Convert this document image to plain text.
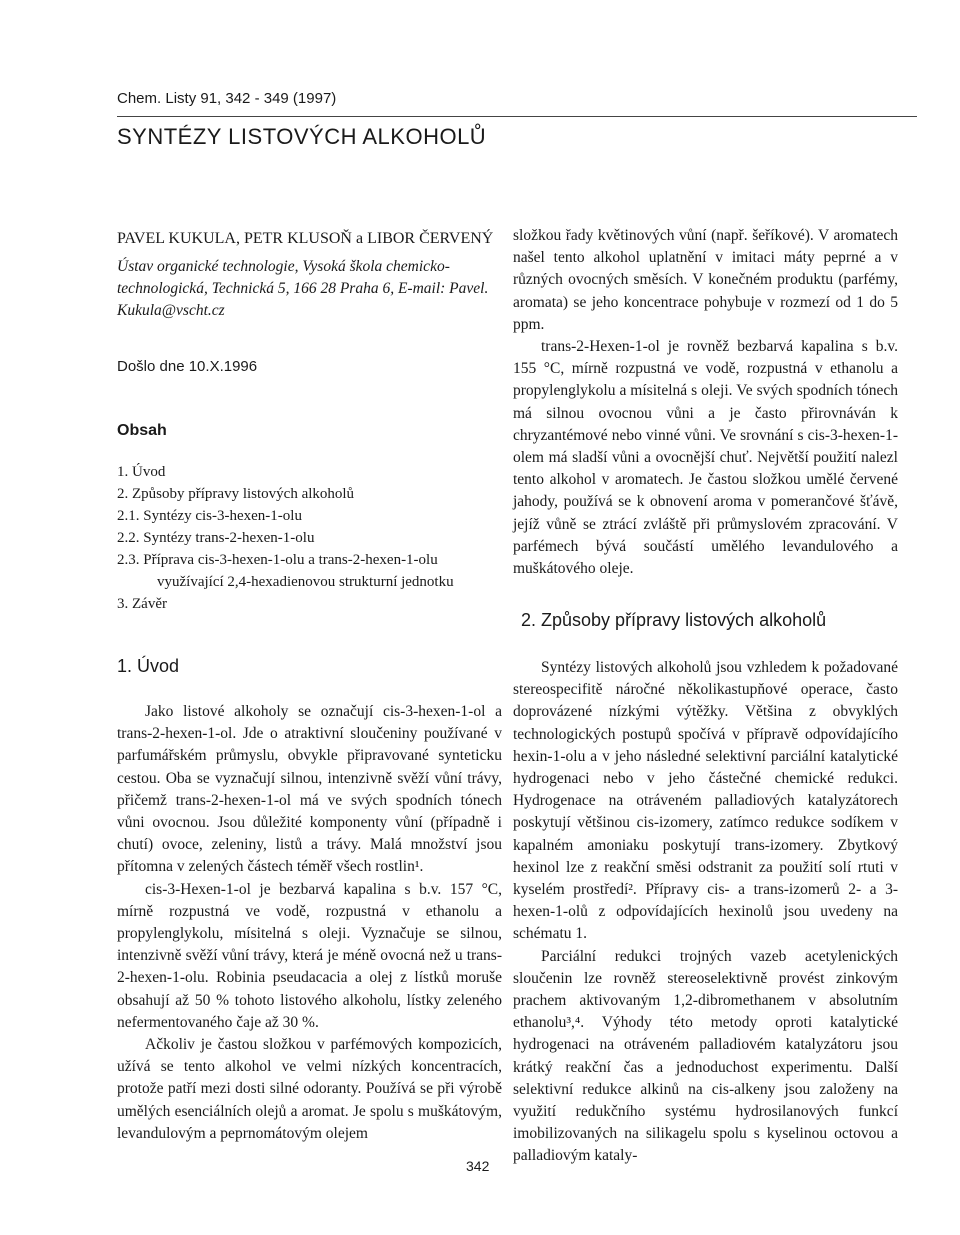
Chem. Listy 91, 342 - 349 (1997)
SYNTÉZY LISTOVÝCH ALKOHOLŮ
PAVEL KUKULA, PETR KLUSOŇ a LIBOR ČERVENÝ
Ústav organické technologie, Vysoká škola chemicko-technologická, Technická 5, 166 28 Praha 6, E-mail: Pavel. Kukula@vscht.cz
Došlo dne 10.X.1996
Obsah
1. Úvod
2. Způsoby přípravy listových alkoholů
2.1. Syntézy cis-3-hexen-1-olu
2.2. Syntézy trans-2-hexen-1-olu
2.3. Příprava cis-3-hexen-1-olu a trans-2-hexen-1-olu
využívající 2,4-hexadienovou strukturní jednotku
3. Závěr
1. Úvod

Jako listové alkoholy se označují cis-3-hexen-1-ol a trans-2-hexen-1-ol. Jde o atraktivní sloučeniny používané v parfumářském průmyslu, obvykle připravované synteticku cestou. Oba se vyznačují silnou, intenzivně svěží vůní trávy, přičemž trans-2-hexen-1-ol má ve svých spodních tónech vůni ovocnou. Jsou důležité komponenty vůní (případně i chutí) ovoce, zeleniny, listů a trávy. Malá množství jsou přítomna v zelených částech téměř všech rostlin¹.

cis-3-Hexen-1-ol je bezbarvá kapalina s b.v. 157 °C, mírně rozpustná ve vodě, rozpustná v ethanolu a propylenglykolu, mísitelná s oleji. Vyznačuje se silnou, intenzivně svěží vůní trávy, která je méně ovocná než u trans-2-hexen-1-olu. Robinia pseudacacia a olej z lístků moruše obsahují až 50 % tohoto listového alkoholu, lístky zeleného nefermentovaného čaje až 30 %.

Ačkoliv je častou složkou v parfémových kompozicích, užívá se tento alkohol ve velmi nízkých koncentracích, protože patří mezi dosti silné odoranty. Používá se při výrobě umělých esenciálních olejů a aromat. Je spolu s muškátovým, levandulovým a peprnomátovým olejem

složkou řady květinových vůní (např. šeříkové). V aromatech našel tento alkohol uplatnění v imitaci máty peprné a v různých ovocných směsích. V konečném produktu (parfémy, aromata) se jeho koncentrace pohybuje v rozmezí od 1 do 5 ppm.

trans-2-Hexen-1-ol je rovněž bezbarvá kapalina s b.v. 155 °C, mírně rozpustná ve vodě, rozpustná v ethanolu a propylenglykolu a mísitelná s oleji. Ve svých spodních tónech má silnou ovocnou vůni a je často přirovnáván k chryzantémové nebo vinné vůni. Ve srovnání s cis-3-hexen-1-olem má sladší vůni a ovocnější chuť. Největší použití nalezl tento alkohol v aromatech. Je častou složkou umělé červené jahody, používá se k obnovení aroma v pomerančové šťávě, jejíž vůně se ztrácí zvláště při průmyslovém zpracování. V parfémech bývá součástí umělého levandulového a muškátového oleje.

2. Způsoby přípravy listových alkoholů

Syntézy listových alkoholů jsou vzhledem k požadované stereospecifitě náročné několikastupňové operace, často doprovázené nízkými výtěžky. Většina z obvyklých technologických postupů spočívá v přípravě odpovídajícího hexin-1-olu a v jeho následné selektivní parciální katalytické hydrogenaci nebo v jeho částečné chemické redukci. Hydrogenace na otráveném palladiových katalyzátorech poskytují většinou cis-izomery, zatímco redukce sodíkem v kapalném amoniaku poskytují trans-izomery. Zbytkový hexinol lze z reakční směsi odstranit za použití solí rtuti v kyselém prostředí². Přípravy cis- a trans-izomerů 2- a 3-hexen-1-olů z odpovídajících hexinolů jsou uvedeny na schématu 1.

Parciální redukci trojných vazeb acetylenických sloučenin lze rovněž stereoselektivně provést zinkovým prachem aktivovaným 1,2-dibromethanem v absolutním ethanolu³,⁴. Výhody této metody oproti katalytické hydrogenaci na otráveném palladiovém katalyzátoru jsou krátký reakční čas a jednoduchost experimentu. Další selektivní redukce alkinů na cis-alkeny jsou založeny na využití redukčního systému hydrosilanových funkcí imobilizovaných na silikagelu spolu s kyselinou octovou a palladiovým kataly-

342
